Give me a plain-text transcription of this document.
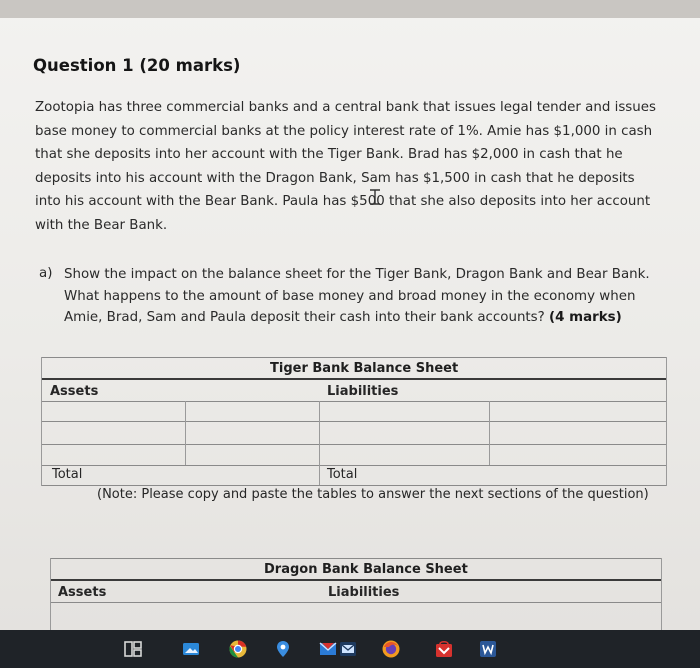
Question 1 (20 marks)
Zootopia has three commercial banks and a central bank that issues legal tender and issues
base money to commercial banks at the policy interest rate of 1%. Amie has $1,000 in cash
that she deposits into her account with the Tiger Bank. Brad has $2,000 in cash that he
deposits into his account with the Dragon Bank, Sam has $1,500 in cash that he deposits
into his account with the Bear Bank. Paula has $500 that she also deposits into her account
with the Bear Bank.
a) Show the impact on the balance sheet for the Tiger Bank, Dragon Bank and Bear Bank.
What happens to the amount of base money and broad money in the economy when
Amie, Brad, Sam and Paula deposit their cash into their bank accounts? (4 marks)
Tiger Bank Balance Sheet
Assets	Liabilities
Total	Total
(Note: Please copy and paste the tables to answer the next sections of the question)
Dragon Bank Balance Sheet
Assets	Liabilities
